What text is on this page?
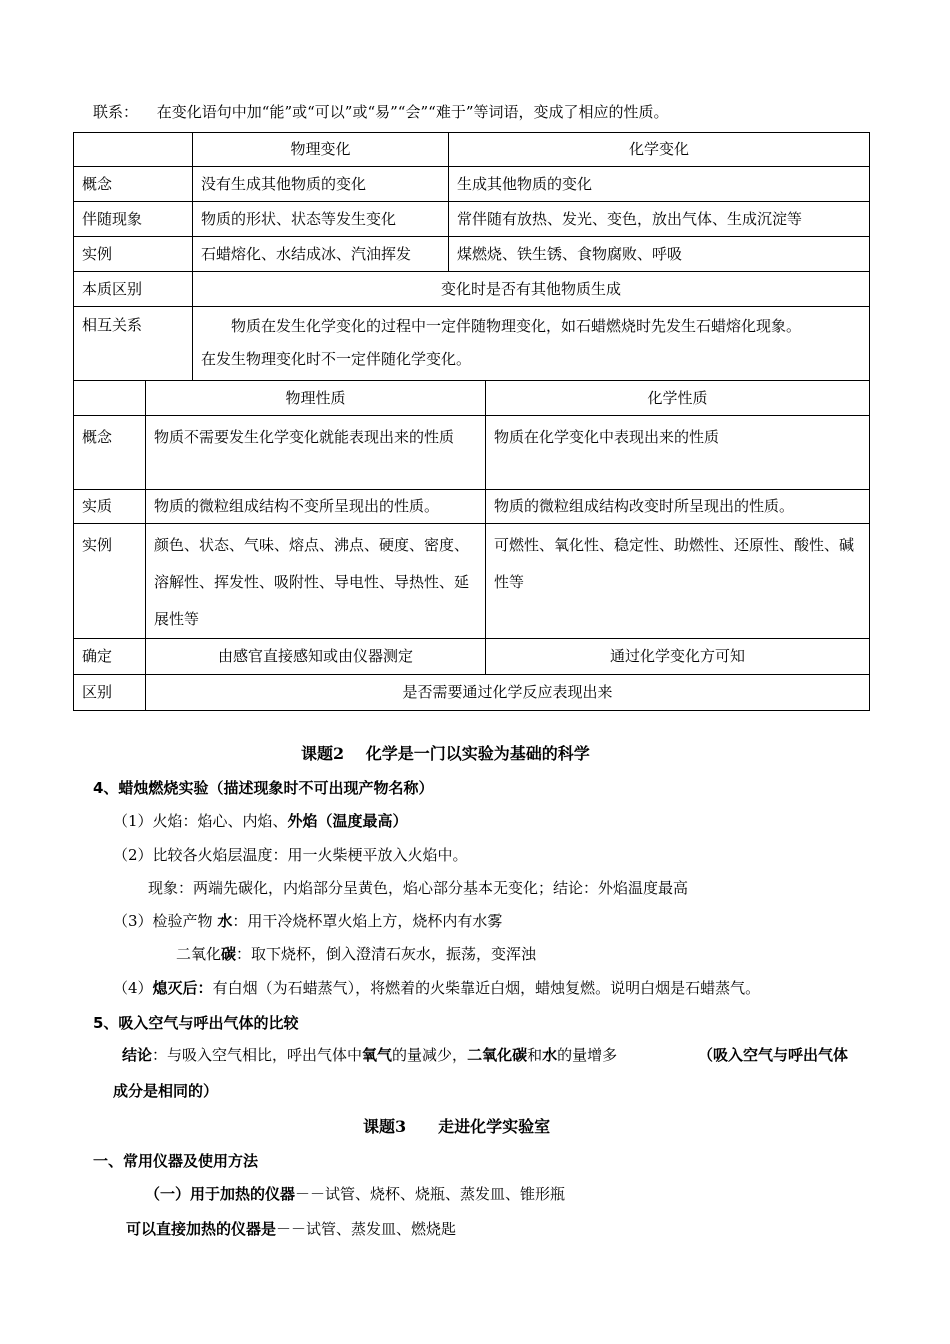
联系： 在变化语句中加“能”或“可以”或“易”“会”“难于”等词语，变成了相应的性质。
	物理变化	化学变化
概念	没有生成其他物质的变化	生成其他物质的变化
伴随现象	物质的形状、状态等发生变化	常伴随有放热、发光、变色，放出气体、生成沉淀等
实例	石蜡熔化、水结成冰、汽油挥发	煤燃烧、铁生锈、食物腐败、呼吸
本质区别	变化时是否有其他物质生成	
相互关系	物质在发生化学变化的过程中一定伴随物理变化，如石蜡燃烧时先发生石蜡熔化现象。
在发生物理变化时不一定伴随化学变化。	
	物理性质	化学性质
概念	物质不需要发生化学变化就能表现出来的性质	物质在化学变化中表现出来的性质
实质	物质的微粒组成结构不变所呈现出的性质。	物质的微粒组成结构改变时所呈现出的性质。
实例	颜色、状态、气味、熔点、沸点、硬度、密度、溶解性、挥发性、吸附性、导电性、导热性、延展性等	可燃性、氧化性、稳定性、助燃性、还原性、酸性、碱性等
确定	由感官直接感知或由仪器测定	通过化学变化方可知
区别	是否需要通过化学反应表现出来	
课题2　 化学是一门以实验为基础的科学
4、蜡烛燃烧实验（描述现象时不可出现产物名称）
（1）火焰：焰心、内焰、外焰（温度最高）
（2）比较各火焰层温度：用一火柴梗平放入火焰中。
现象：两端先碳化，内焰部分呈黄色，焰心部分基本无变化；结论：外焰温度最高
（3）检验产物 水：用干冷烧杯罩火焰上方，烧杯内有水雾
二氧化碳：取下烧杯，倒入澄清石灰水，振荡，变浑浊
（4）熄灭后：有白烟（为石蜡蒸气），将燃着的火柴靠近白烟，蜡烛复燃。说明白烟是石蜡蒸气。
5、吸入空气与呼出气体的比较
结论：与吸入空气相比，呼出气体中氧气的量减少，二氧化碳和水的量增多	（吸入空气与呼出气体
成分是相同的）
课题3　　走进化学实验室
一、常用仪器及使用方法
（一）用于加热的仪器－－试管、烧杯、烧瓶、蒸发皿、锥形瓶
可以直接加热的仪器是－－试管、蒸发皿、燃烧匙
